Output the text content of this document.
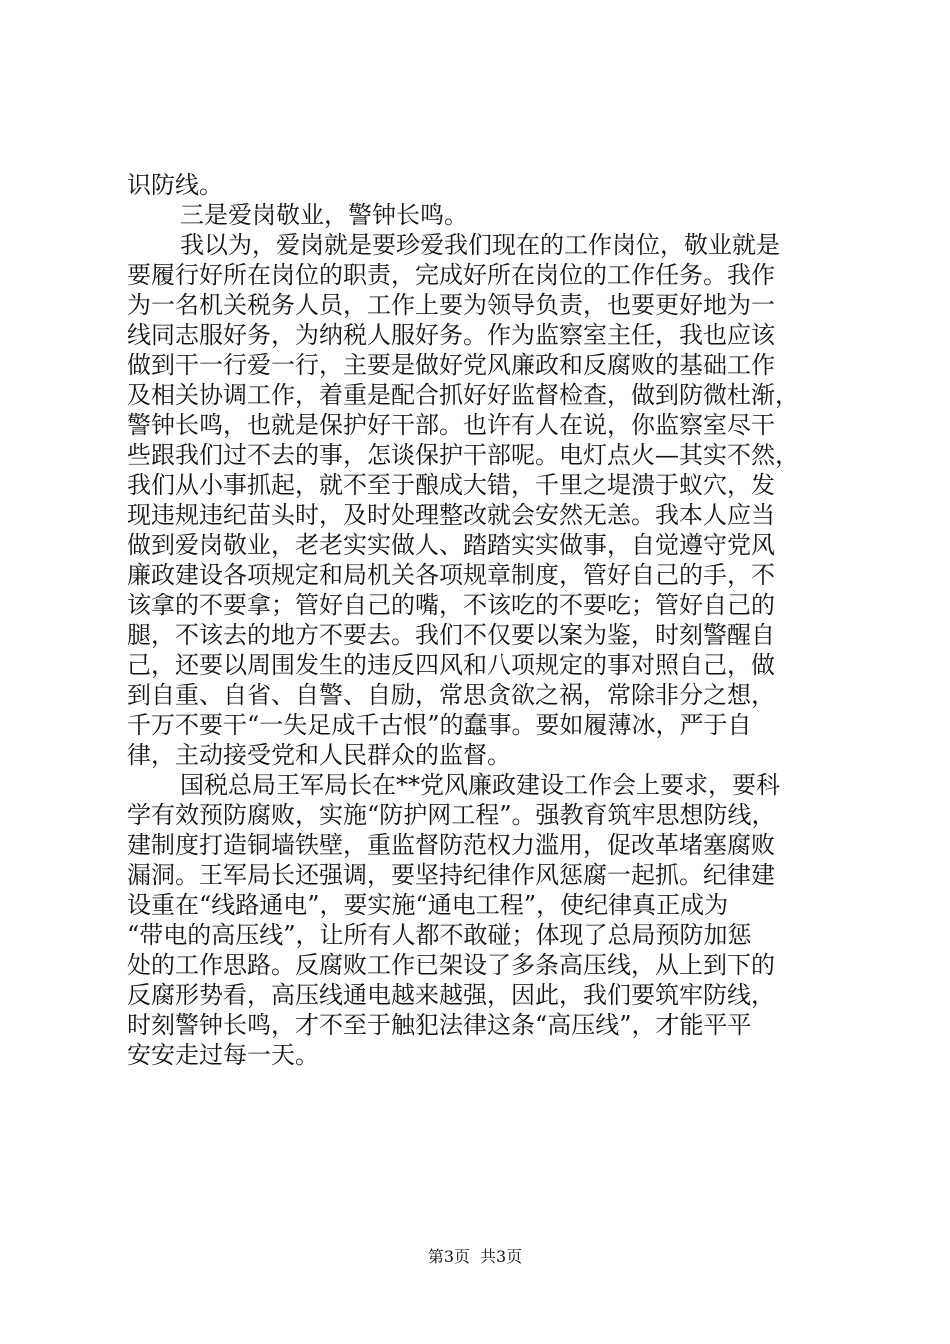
识防线。
三是爱岗敬业，警钟长鸣。
我以为，爱岗就是要珍爱我们现在的工作岗位，敬业就是
要履行好所在岗位的职责，完成好所在岗位的工作任务。我作
为一名机关税务人员，工作上要为领导负责，也要更好地为一
线同志服好务，为纳税人服好务。作为监察室主任，我也应该
做到干一行爱一行，主要是做好党风廉政和反腐败的基础工作
及相关协调工作，着重是配合抓好好监督检查，做到防微杜渐，
警钟长鸣，也就是保护好干部。也许有人在说，你监察室尽干
些跟我们过不去的事，怎谈保护干部呢。电灯点火—其实不然，
我们从小事抓起，就不至于酿成大错，千里之堤溃于蚁穴，发
现违规违纪苗头时，及时处理整改就会安然无恙。我本人应当
做到爱岗敬业，老老实实做人、踏踏实实做事，自觉遵守党风
廉政建设各项规定和局机关各项规章制度，管好自己的手，不
该拿的不要拿；管好自己的嘴，不该吃的不要吃；管好自己的
腿，不该去的地方不要去。我们不仅要以案为鉴，时刻警醒自
己，还要以周围发生的违反四风和八项规定的事对照自己，做
到自重、自省、自警、自励，常思贪欲之祸，常除非分之想，
千万不要干“一失足成千古恨”的蠢事。要如履薄冰，严于自
律，主动接受党和人民群众的监督。
国税总局王军局长在**党风廉政建设工作会上要求，要科
学有效预防腐败，实施“防护网工程”。强教育筑牢思想防线，
建制度打造铜墙铁壁，重监督防范权力滥用，促改革堵塞腐败
漏洞。王军局长还强调，要坚持纪律作风惩腐一起抓。纪律建
设重在“线路通电”，要实施“通电工程”，使纪律真正成为
“带电的高压线”，让所有人都不敢碰；体现了总局预防加惩
处的工作思路。反腐败工作已架设了多条高压线，从上到下的
反腐形势看，高压线通电越来越强，因此，我们要筑牢防线，
时刻警钟长鸣，才不至于触犯法律这条“高压线”，才能平平
安安走过每一天。
第3页 共3页
